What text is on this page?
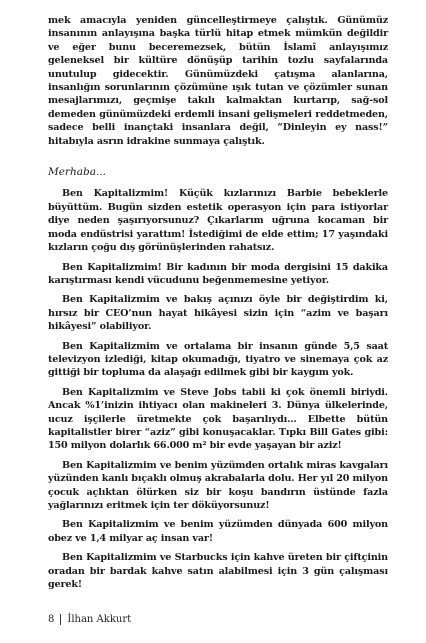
mek amacıyla yeniden güncelleştirmeye çalıştık. Günümüz insanının anlayışına başka türlü hitap etmek mümkün değildir ve eğer bunu beceremezsek, bütün İslamî anlayışımız geleneksel bir kültüre dönüşüp tarihin tozlu sayfalarında unutulup gidecektir. Günümüzdeki çatışma alanlarına, insanlığın sorunlarının çözümüne ışık tutan ve çözümler sunan mesajlarımızı, geçmişe takılı kalmaktan kurtarıp, sağ-sol demeden günümüzdeki erdemli insani gelişmeleri reddetmeden, sadece belli inançtaki insanlara değil, “Dinleyin ey nass!” hitabıyla asrın idrakine sunmaya çalıştık.

Merhaba...

Ben Kapitalizmim! Küçük kızlarınızı Barbie bebeklerle büyüttüm. Bugün sizden estetik operasyon için para istiyorlar diye neden şaşırıyorsunuz? Çıkarlarım uğruna kocaman bir moda endüstrisi yarattım! İstediğimi de elde ettim; 17 yaşındaki kızların çoğu dış görünüşlerinden rahatsız.

Ben Kapitalizmim! Bir kadının bir moda dergisini 15 dakika karıştırması kendi vücudunu beğenmemesine yetiyor.

Ben Kapitalizmim ve bakış açınızı öyle bir değiştirdim ki, hırsız bir CEO’nun hayat hikâyesi sizin için “azim ve başarı hikâyesi” olabiliyor.

Ben Kapitalizmim ve ortalama bir insanın günde 5,5 saat televizyon izlediği, kitap okumadığı, tiyatro ve sinemaya çok az gittiği bir topluma da alaşağı edilmek gibi bir kaygım yok.

Ben Kapitalizmim ve Steve Jobs tabii ki çok önemli biriydi. Ancak %1’inizin ihtiyacı olan makineleri 3. Dünya ülkelerinde, ucuz işçilerle üretmekte çok başarılıydı… Elbette bütün kapitalistler birer “aziz” gibi konuşacaklar. Tıpkı Bill Gates gibi: 150 milyon dolarlık 66.000 m² bir evde yaşayan bir aziz!

Ben Kapitalizmim ve benim yüzümden ortalık miras kavgaları yüzünden kanlı bıçaklı olmuş akrabalarla dolu. Her yıl 20 milyon çocuk açlıktan ölürken siz bir koşu bandırın üstünde fazla yağlarınızı eritmek için ter döküyorsunuz!

Ben Kapitalizmim ve benim yüzümden dünyada 600 milyon obez ve 1,4 milyar aç insan var!

Ben Kapitalizmim ve Starbucks için kahve üreten bir çiftçinin oradan bir bardak kahve satın alabilmesi için 3 gün çalışması gerek!

8 İlhan Akkurt
